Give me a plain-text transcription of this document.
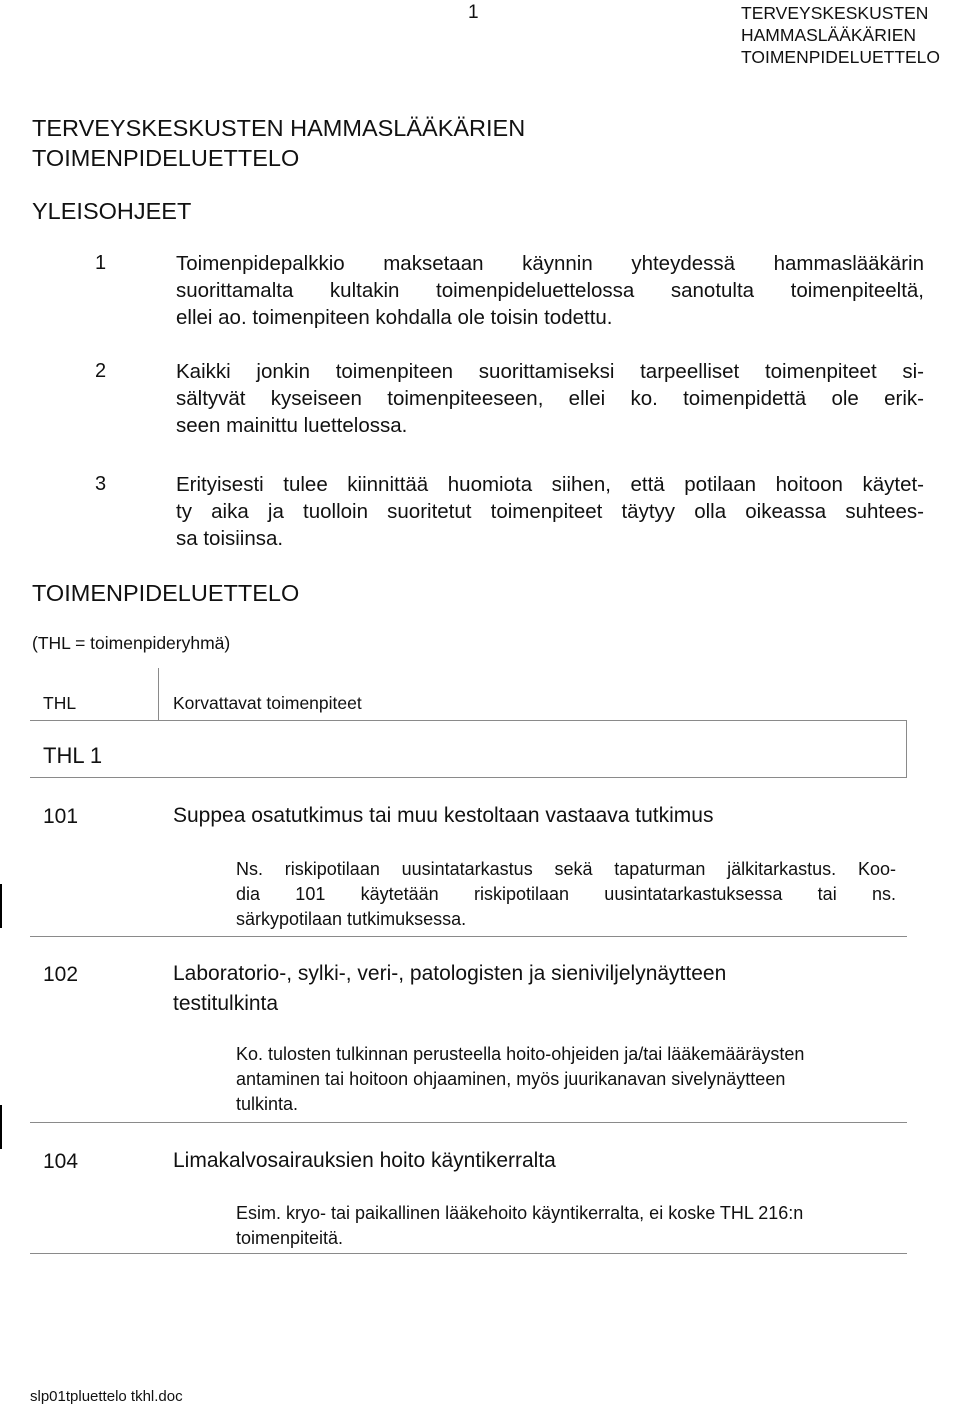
1	TERVEYSKESKUSTEN
HAMMASLÄÄKÄRIEN
TOIMENPIDELUETTELO
TERVEYSKESKUSTEN HAMMASLÄÄKÄRIEN
TOIMENPIDELUETTELO
YLEISOHJEET
1	Toimenpidepalkkio maksetaan käynnin yhteydessä hammaslääkärin
suorittamalta kultakin toimenpideluettelossa sanotulta toimenpiteeltä,
ellei ao. toimenpiteen kohdalla ole toisin todettu.
2	Kaikki jonkin toimenpiteen suorittamiseksi tarpeelliset toimenpiteet si-
sältyvät kyseiseen toimenpiteeseen, ellei ko. toimenpidettä ole erik-
seen mainittu luettelossa.
3	Erityisesti tulee kiinnittää huomiota siihen, että potilaan hoitoon käytet-
ty aika ja tuolloin suoritetut toimenpiteet täytyy olla oikeassa suhtees-
sa toisiinsa.
TOIMENPIDELUETTELO
(THL = toimenpideryhmä)
THL	Korvattavat toimenpiteet
THL 1
101	Suppea osatutkimus tai muu kestoltaan vastaava tutkimus
Ns. riskipotilaan uusintatarkastus sekä tapaturman jälkitarkastus. Koo-
dia 101 käytetään riskipotilaan uusintatarkastuksessa tai ns.
särkypotilaan tutkimuksessa.
102	Laboratorio-, sylki-, veri-, patologisten ja sieniviljelynäytteen
testitulkinta
Ko. tulosten tulkinnan perusteella hoito-ohjeiden ja/tai lääkemääräysten
antaminen tai hoitoon ohjaaminen, myös juurikanavan sivelynäytteen
tulkinta.
104	Limakalvosairauksien hoito käyntikerralta
Esim. kryo- tai paikallinen lääkehoito käyntikerralta, ei koske THL 216:n
toimenpiteitä.
slp01tpluettelo tkhl.doc
